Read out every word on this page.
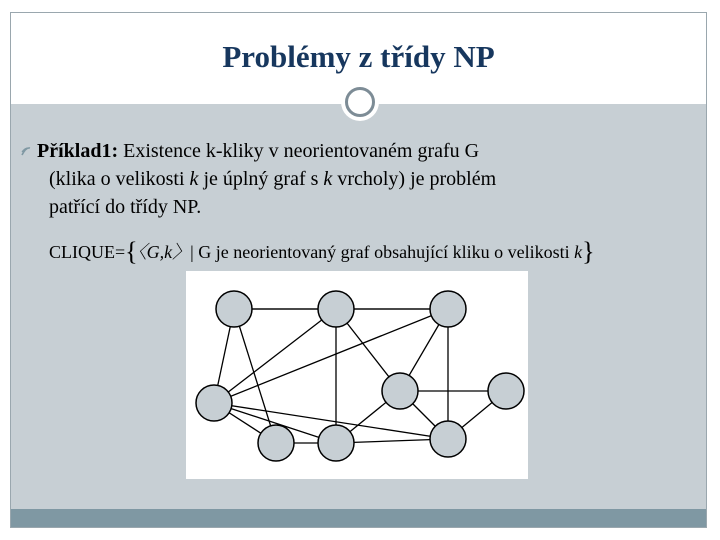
Problémy z třídy NP
Příklad1: Existence k-kliky v neorientovaném grafu G
(klika o velikosti k je úplný graf s k vrcholy) je problém
patřící do třídy NP.
CLIQUE={〈G,k〉| G je neorientovaný graf obsahující kliku o velikosti k}
